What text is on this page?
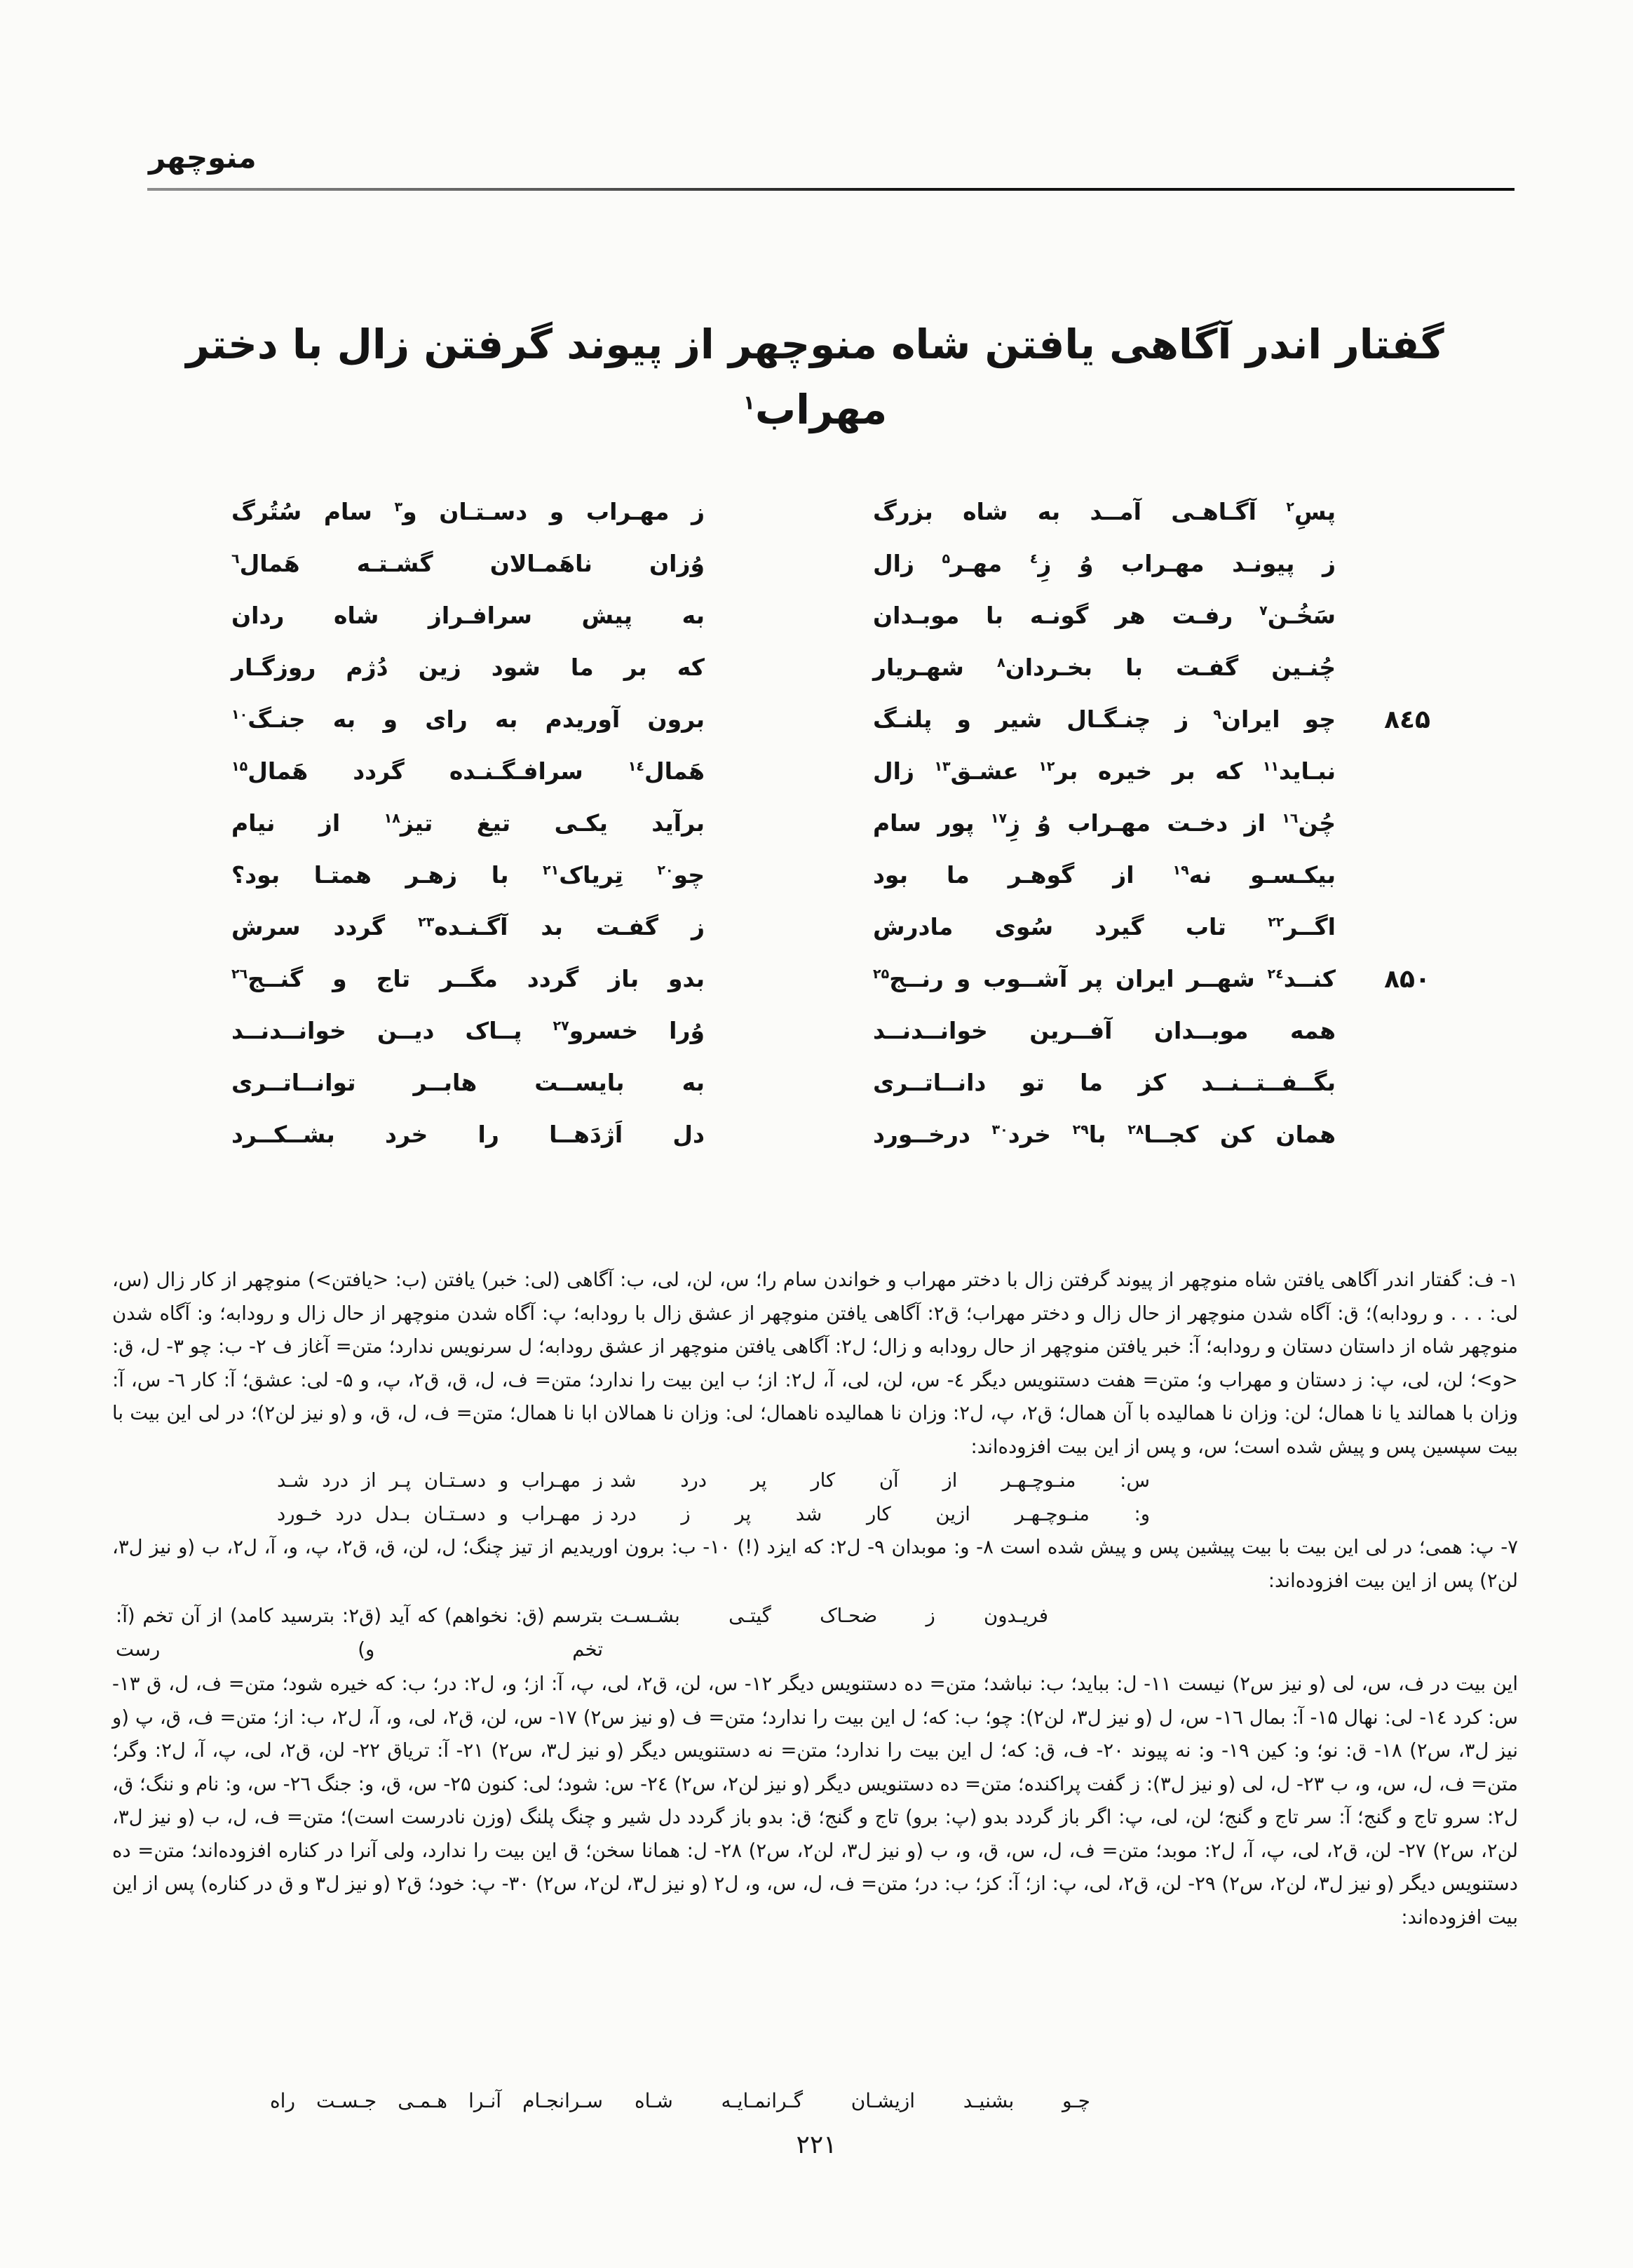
منوچهر
گفتار اندر آگاهی یافتن شاه منوچهر از پیوند گرفتن زال با دختر مهراب$^۱$
پسِ$^۲$ آگـاهـی آمــد به شاه بزرگ
ز مهـراب و دسـتـان و$^۳$ سام سُتُرگ
ز پیونـد مهـراب وُ زِ$^٤$ مهـر$^۵$ زال
وُزان ناهَمـالان گشـتـه هَمال$^٦$
سَخُـن$^۷$ رفـت هر گونـه با موبـدان
به پیش سرافـراز شاه ردان
چُنـین گفـت با بخـردان$^۸$ شهـریار
که بر ما شود زین دُژم روزگـار
۸٤۵
چو ایران$^۹$ ز چنـگـال شیر و پلنـگ
برون آوریدم به رای و به جنـگ$^{۱۰}$
نبـاید$^{۱۱}$ که بر خیره بر$^{۱۲}$ عشـق$^{۱۳}$ زال
هَمال$^{۱٤}$ سرافـگـنـده گردد هَمال$^{۱۵}$
چُن$^{۱٦}$ از دخـت مهـراب وُ زِ$^{۱۷}$ پور سام
برآید یکـی تیغ تیز$^{۱۸}$ از نیام
بیکـسـو نه$^{۱۹}$ از گوهـر ما بود
چو$^{۲۰}$ تِریاک$^{۲۱}$ با زهـر همتـا بود؟
اگــر$^{۲۲}$ تاب گیرد سُوی مادرش
ز گفـت بد آگـنـده$^{۲۳}$ گردد سرش
۸۵۰
کنــد$^{۲٤}$ شهــر ایران پر آشــوب و رنــج$^{۲۵}$
بدو باز گردد مگــر تاج و گنــج$^{۲٦}$
همه موبــدان آفــرین خوانــدنــد
وُرا خسرو$^{۲۷}$ پــاک دیــن خوانــدنــد
بگــفــتــنــد کز ما تو دانــاتــری
به بایســت هابــر توانــاتــری
همان کن کجــا$^{۲۸}$ با$^{۲۹}$ خرد$^{۳۰}$ درخــورد
دل اَژدَهــا را خرد بشــکــرد

۱- ف: گفتار اندر آگاهی یافتن شاه منوچهر از پیوند گرفتن زال با دختر مهراب و خواندن سام را؛ س، لن، لی، ب: آگاهی (لی: خبر) یافتن (ب: <یافتن>) منوچهر از کار زال (س، لی: . . . و رودابه)؛ ق: آگاه شدن منوچهر از حال زال و دختر مهراب؛ ق۲: آگاهی یافتن منوچهر از عشق زال با رودابه؛ پ: آگاه شدن منوچهر از حال زال و رودابه؛ و: آگاه شدن منوچهر شاه از داستان دستان و رودابه؛ آ: خبر یافتن منوچهر از حال رودابه و زال؛ ل۲: آگاهی یافتن منوچهر از عشق رودابه؛ ل سرنویس ندارد؛ متن= آغاز ف ۲- ب: چو ۳- ل، ق: <و>؛ لن، لی، پ: ز دستان و مهراب و؛ متن= هفت دستنویس دیگر ٤- س، لن، لی، آ، ل۲: از؛ ب این بیت را ندارد؛ متن= ف، ل، ق، ق۲، پ، و ۵- لی: عشق؛ آ: کار ٦- س، آ: وزان با همالند یا نا همال؛ لن: وزان نا همالیده با آن همال؛ ق۲، پ، ل۲: وزان نا همالیده ناهمال؛ لی: وزان نا همالان ابا نا همال؛ متن= ف، ل، ق، و (و نیز لن۲)؛ در لی این بیت با بیت سپسین پس و پیش شده است؛ س، و پس از این بیت افزوده‌اند:

س: منـوچـهـر از آن کار پر درد شد
ز مهـراب و دسـتـان پـر از درد شـد
و: منـوچـهـر ازین کار شد پر ز درد
ز مهـراب و دسـتـان بـدل درد خـورد

۷- پ: همی؛ در لی این بیت با بیت پیشین پس و پیش شده است ۸- و: موبدان ۹- ل۲: که ایزد (!) ۱۰- ب: برون اوریدیم از تیز چنگ؛ ل، لن، ق، ق۲، پ، و، آ، ل۲، ب (و نیز ل۳، لن۲) پس از این بیت افزوده‌اند:

فریـدون ز ضحـاک گیتـی بشـسـت
بترسم (ق: نخواهم) که آید (ق۲: بترسید کامد) از آن تخم (آ: تخم و) رست

این بیت در ف، س، لی (و نیز س۲) نیست ۱۱- ل: بباید؛ ب: نباشد؛ متن= ده دستنویس دیگر ۱۲- س، لن، ق۲، لی، پ، آ: از؛ و، ل۲: در؛ ب: که خیره شود؛ متن= ف، ل، ق ۱۳- س: کرد ۱٤- لی: نهال ۱۵- آ: بمال ۱٦- س، ل (و نیز ل۳، لن۲): چو؛ ب: که؛ ل این بیت را ندارد؛ متن= ف (و نیز س۲) ۱۷- س، لن، ق۲، لی، و، آ، ل۲، ب: از؛ متن= ف، ق، پ (و نیز ل۳، س۲) ۱۸- ق: نو؛ و: کین ۱۹- و: نه پیوند ۲۰- ف، ق: که؛ ل این بیت را ندارد؛ متن= نه دستنویس دیگر (و نیز ل۳، س۲) ۲۱- آ: تریاق ۲۲- لن، ق۲، لی، پ، آ، ل۲: وگر؛ متن= ف، ل، س، و، ب ۲۳- ل، لی (و نیز ل۳): ز گفت پراکنده؛ متن= ده دستنویس دیگر (و نیز لن۲، س۲) ۲٤- س: شود؛ لی: کنون ۲۵- س، ق، و: جنگ ۲٦- س، و: نام و ننگ؛ ق، ل۲: سرو تاج و گنج؛ آ: سر تاج و گنج؛ لن، لی، پ: اگر باز گردد بدو (پ: برو) تاج و گنج؛ ق: بدو باز گردد دل شیر و چنگ پلنگ (وزن نادرست است)؛ متن= ف، ل، ب (و نیز ل۳، لن۲، س۲) ۲۷- لن، ق۲، لی، پ، آ، ل۲: موبد؛ متن= ف، ل، س، ق، و، ب (و نیز ل۳، لن۲، س۲) ۲۸- ل: همانا سخن؛ ق این بیت را ندارد، ولی آنرا در کناره افزوده‌اند؛ متن= ده دستنویس دیگر (و نیز ل۳، لن۲، س۲) ۲۹- لن، ق۲، لی، پ: از؛ آ: کز؛ ب: در؛ متن= ف، ل، س، و، ل۲ (و نیز ل۳، لن۲، س۲) ۳۰- پ: خود؛ ق۲ (و نیز ل۳ و ق در کناره) پس از این بیت افزوده‌اند:

چـو بشنیـد ازیشـان گـرانمـایـه شـاه
سـرانجـام آنـرا هـمـی جـسـت راه
۲۲۱
